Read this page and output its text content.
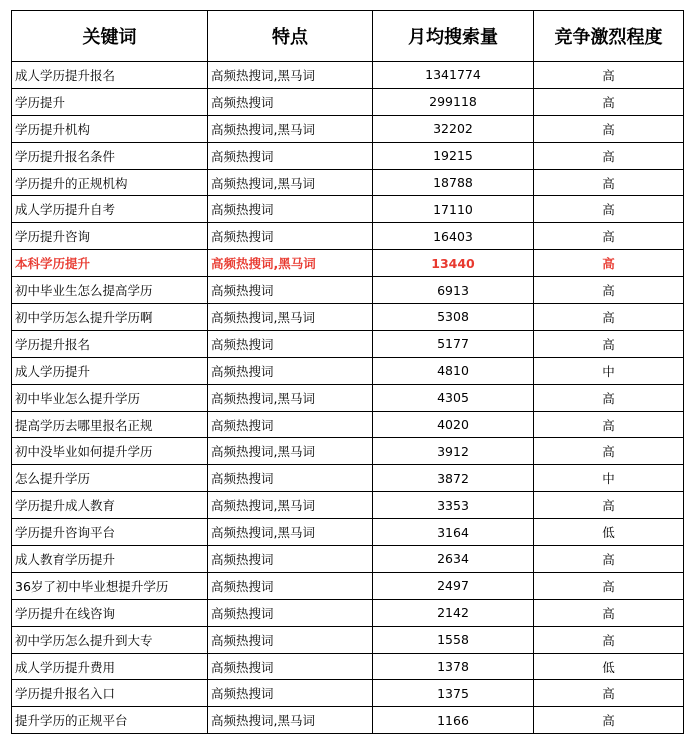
关键词	特点	月均搜索量	竞争激烈程度
成人学历提升报名	高频热搜词,黑马词	1341774	高
学历提升	高频热搜词	299118	高
学历提升机构	高频热搜词,黑马词	32202	高
学历提升报名条件	高频热搜词	19215	高
学历提升的正规机构	高频热搜词,黑马词	18788	高
成人学历提升自考	高频热搜词	17110	高
学历提升咨询	高频热搜词	16403	高
本科学历提升	高频热搜词,黑马词	13440	高
初中毕业生怎么提高学历	高频热搜词	6913	高
初中学历怎么提升学历啊	高频热搜词,黑马词	5308	高
学历提升报名	高频热搜词	5177	高
成人学历提升	高频热搜词	4810	中
初中毕业怎么提升学历	高频热搜词,黑马词	4305	高
提高学历去哪里报名正规	高频热搜词	4020	高
初中没毕业如何提升学历	高频热搜词,黑马词	3912	高
怎么提升学历	高频热搜词	3872	中
学历提升成人教育	高频热搜词,黑马词	3353	高
学历提升咨询平台	高频热搜词,黑马词	3164	低
成人教育学历提升	高频热搜词	2634	高
36岁了初中毕业想提升学历	高频热搜词	2497	高
学历提升在线咨询	高频热搜词	2142	高
初中学历怎么提升到大专	高频热搜词	1558	高
成人学历提升费用	高频热搜词	1378	低
学历提升报名入口	高频热搜词	1375	高
提升学历的正规平台	高频热搜词,黑马词	1166	高
